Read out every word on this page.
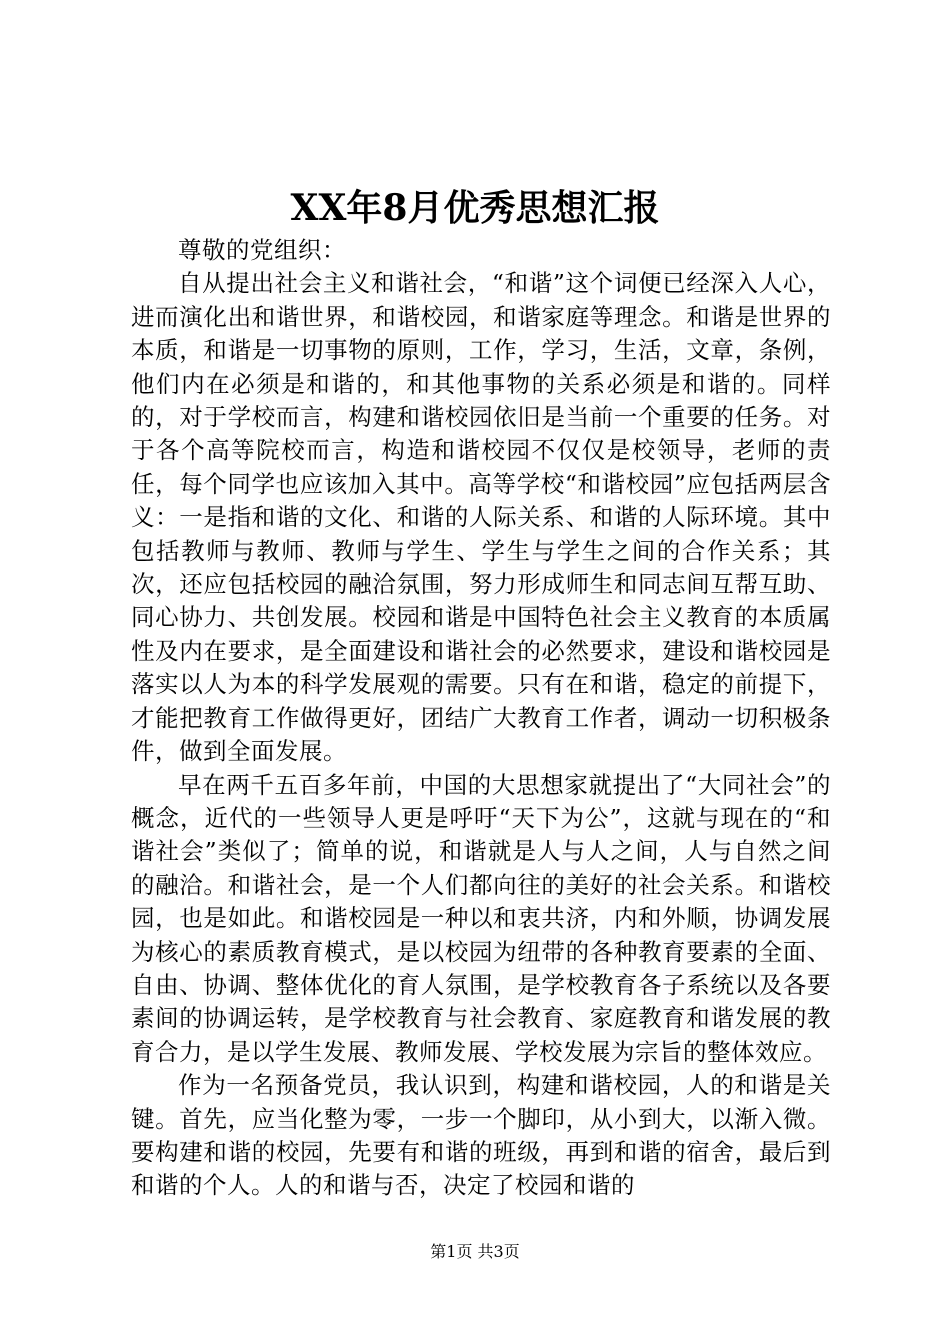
XX年8月优秀思想汇报

尊敬的党组织：

自从提出社会主义和谐社会，“和谐”这个词便已经深入人心，进而演化出和谐世界，和谐校园，和谐家庭等理念。和谐是世界的本质，和谐是一切事物的原则，工作，学习，生活，文章，条例，他们内在必须是和谐的，和其他事物的关系必须是和谐的。同样的，对于学校而言，构建和谐校园依旧是当前一个重要的任务。对于各个高等院校而言，构造和谐校园不仅仅是校领导，老师的责任，每个同学也应该加入其中。高等学校“和谐校园”应包括两层含义：一是指和谐的文化、和谐的人际关系、和谐的人际环境。其中包括教师与教师、教师与学生、学生与学生之间的合作关系；其次，还应包括校园的融洽氛围，努力形成师生和同志间互帮互助、同心协力、共创发展。校园和谐是中国特色社会主义教育的本质属性及内在要求，是全面建设和谐社会的必然要求，建设和谐校园是落实以人为本的科学发展观的需要。只有在和谐，稳定的前提下，才能把教育工作做得更好，团结广大教育工作者，调动一切积极条件，做到全面发展。

早在两千五百多年前，中国的大思想家就提出了“大同社会”的概念，近代的一些领导人更是呼吁“天下为公”，这就与现在的“和谐社会”类似了；简单的说，和谐就是人与人之间，人与自然之间的融洽。和谐社会，是一个人们都向往的美好的社会关系。和谐校园，也是如此。和谐校园是一种以和衷共济，内和外顺，协调发展为核心的素质教育模式，是以校园为纽带的各种教育要素的全面、自由、协调、整体优化的育人氛围，是学校教育各子系统以及各要素间的协调运转，是学校教育与社会教育、家庭教育和谐发展的教育合力，是以学生发展、教师发展、学校发展为宗旨的整体效应。

作为一名预备党员，我认识到，构建和谐校园，人的和谐是关键。首先，应当化整为零，一步一个脚印，从小到大，以渐入微。要构建和谐的校园，先要有和谐的班级，再到和谐的宿舍，最后到和谐的个人。人的和谐与否，决定了校园和谐的

第1页 共3页
